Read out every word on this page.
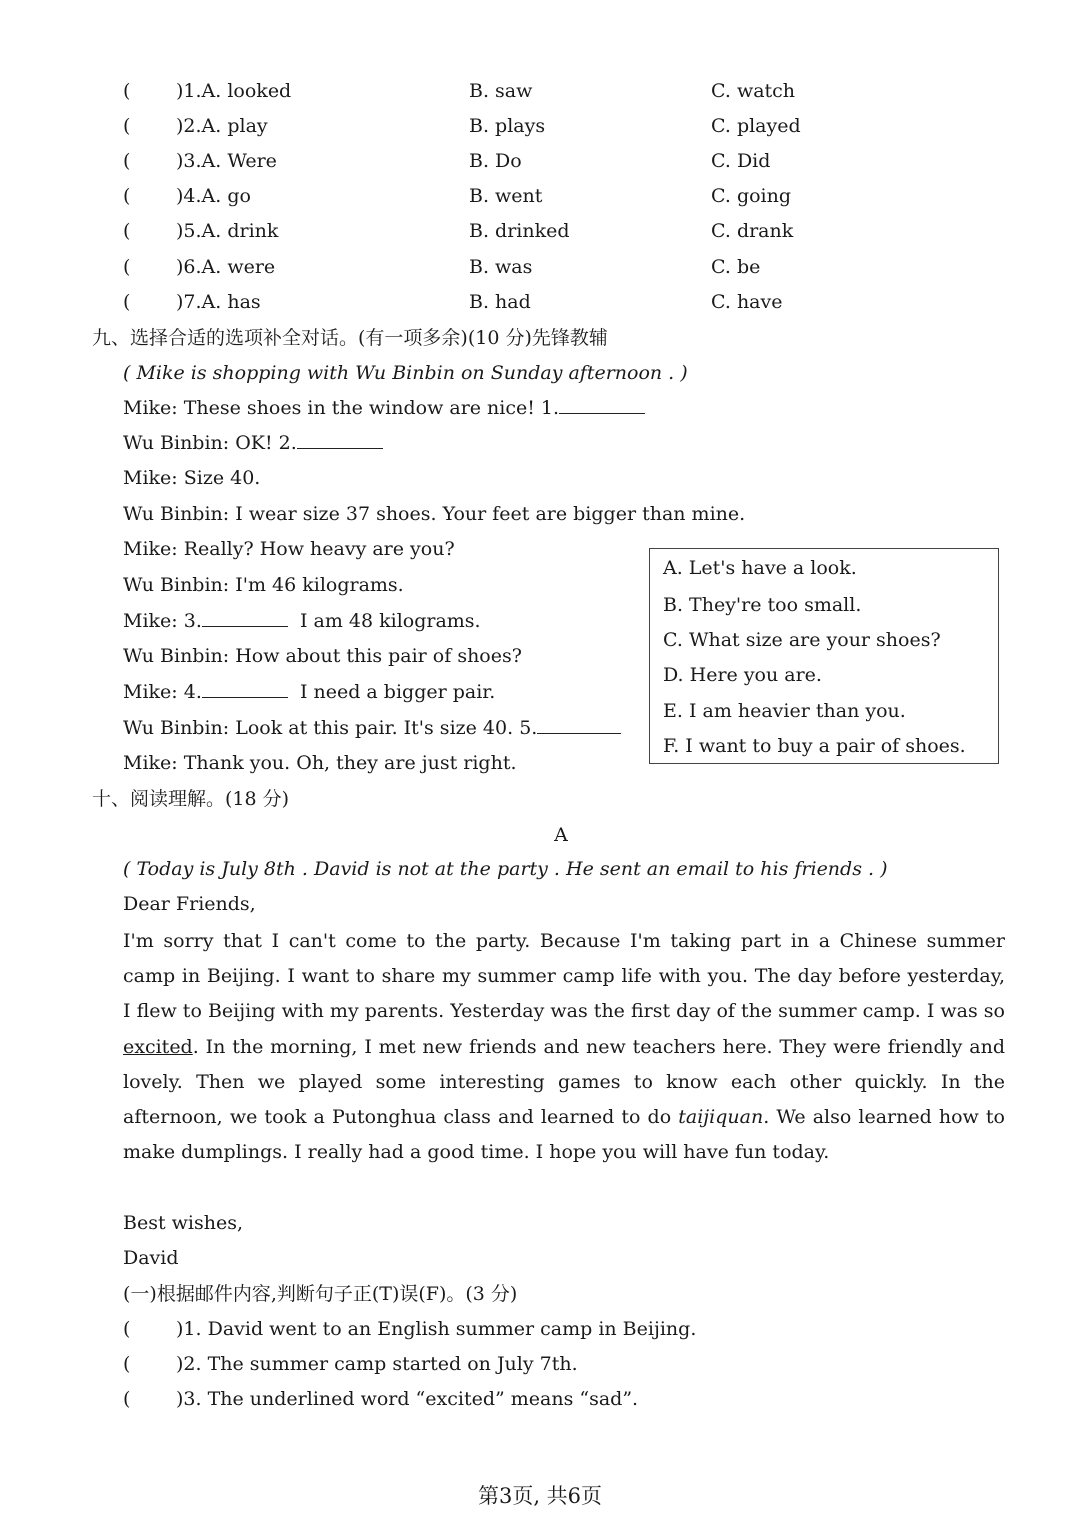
( )1.A. looked	B. saw	C. watch
( )2.A. play	B. plays	C. played
( )3.A. Were	B. Do	C. Did
( )4.A. go	B. went	C. going
( )5.A. drink	B. drinked	C. drank
( )6.A. were	B. was	C. be
( )7.A. has	B. had	C. have
九、选择合适的选项补全对话。(有一项多余)(10 分)先锋教辅
( Mike is shopping with Wu Binbin on Sunday afternoon . )
Mike: These shoes in the window are nice! 1.
Wu Binbin: OK! 2.
Mike: Size 40.
Wu Binbin: I wear size 37 shoes. Your feet are bigger than mine.
Mike: Really? How heavy are you?
Wu Binbin: I'm 46 kilograms.
Mike: 3.	I am 48 kilograms.
Wu Binbin: How about this pair of shoes?
Mike: 4.	I need a bigger pair.
Wu Binbin: Look at this pair. It's size 40. 5.
Mike: Thank you. Oh, they are just right.
A. Let's have a look.
B. They're too small.
C. What size are your shoes?
D. Here you are.
E. I am heavier than you.
F. I want to buy a pair of shoes.
十、阅读理解。(18 分)
A
( Today is July 8th . David is not at the party . He sent an email to his friends . )
Dear Friends,
I'm sorry that I can't come to the party. Because I'm taking part in a Chinese summer camp in Beijing. I want to share my summer camp life with you. The day before yesterday, I flew to Beijing with my parents. Yesterday was the first day of the summer camp. I was so excited. In the morning, I met new friends and new teachers here. They were friendly and lovely. Then we played some interesting games to know each other quickly. In the afternoon, we took a Putonghua class and learned to do taijiquan. We also learned how to make dumplings. I really had a good time. I hope you will have fun today.
Best wishes,
David
(一)根据邮件内容,判断句子正(T)误(F)。(3 分)
( )1. David went to an English summer camp in Beijing.
( )2. The summer camp started on July 7th.
( )3. The underlined word “excited” means “sad”.
第3页, 共6页
